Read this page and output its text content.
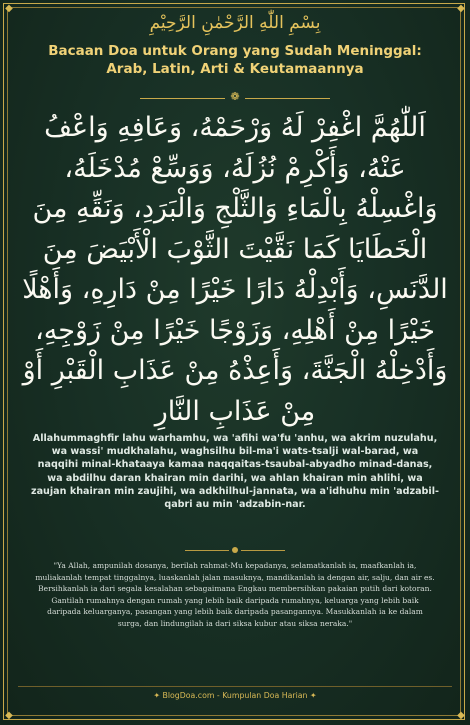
◆	◆
◆	◆
بِسْمِ اللّٰهِ الرَّحْمٰنِ الرَّحِيْمِ
Bacaan Doa untuk Orang yang Sudah Meninggal:
Arab, Latin, Arti & Keutamaannya
❁
اَللّٰهُمَّ اغْفِرْ لَهُ وَرْحَمْهُ، وَعَافِهِ وَاعْفُ عَنْهُ، وَأَكْرِمْ نُزُلَهُ، وَوَسِّعْ مُدْخَلَهُ، وَاغْسِلْهُ بِالْمَاءِ وَالثَّلْجِ وَالْبَرَدِ، وَنَقِّهِ مِنَ الْخَطَايَا كَمَا نَقَّيْتَ الثَّوْبَ الْأَبْيَضَ مِنَ الدَّنَسِ، وَأَبْدِلْهُ دَارًا خَيْرًا مِنْ دَارِهِ، وَأَهْلًا خَيْرًا مِنْ أَهْلِهِ، وَزَوْجًا خَيْرًا مِنْ زَوْجِهِ، وَأَدْخِلْهُ الْجَنَّةَ، وَأَعِذْهُ مِنْ عَذَابِ الْقَبْرِ أَوْ مِنْ عَذَابِ النَّارِ
Allahummaghfir lahu warhamhu, wa 'afihi wa'fu 'anhu, wa akrim nuzulahu, wa wassi' mudkhalahu, waghsilhu bil-ma'i wats-tsalji wal-barad, wa naqqihi minal-khataaya kamaa naqqaitas-tsaubal-abyadho minad-danas, wa abdilhu daran khairan min darihi, wa ahlan khairan min ahlihi, wa zaujan khairan min zaujihi, wa adkhilhul-jannata, wa a'idhuhu min 'adzabil-qabri au min 'adzabin-nar.
"Ya Allah, ampunilah dosanya, berilah rahmat-Mu kepadanya, selamatkanlah ia, maafkanlah ia, muliakanlah tempat tinggalnya, luaskanlah jalan masuknya, mandikanlah ia dengan air, salju, dan air es. Bersihkanlah ia dari segala kesalahan sebagaimana Engkau membersihkan pakaian putih dari kotoran. Gantilah rumahnya dengan rumah yang lebih baik daripada rumahnya, keluarga yang lebih baik daripada keluarganya, pasangan yang lebih baik daripada pasangannya. Masukkanlah ia ke dalam surga, dan lindungilah ia dari siksa kubur atau siksa neraka."
✦ BlogDoa.com - Kumpulan Doa Harian ✦
